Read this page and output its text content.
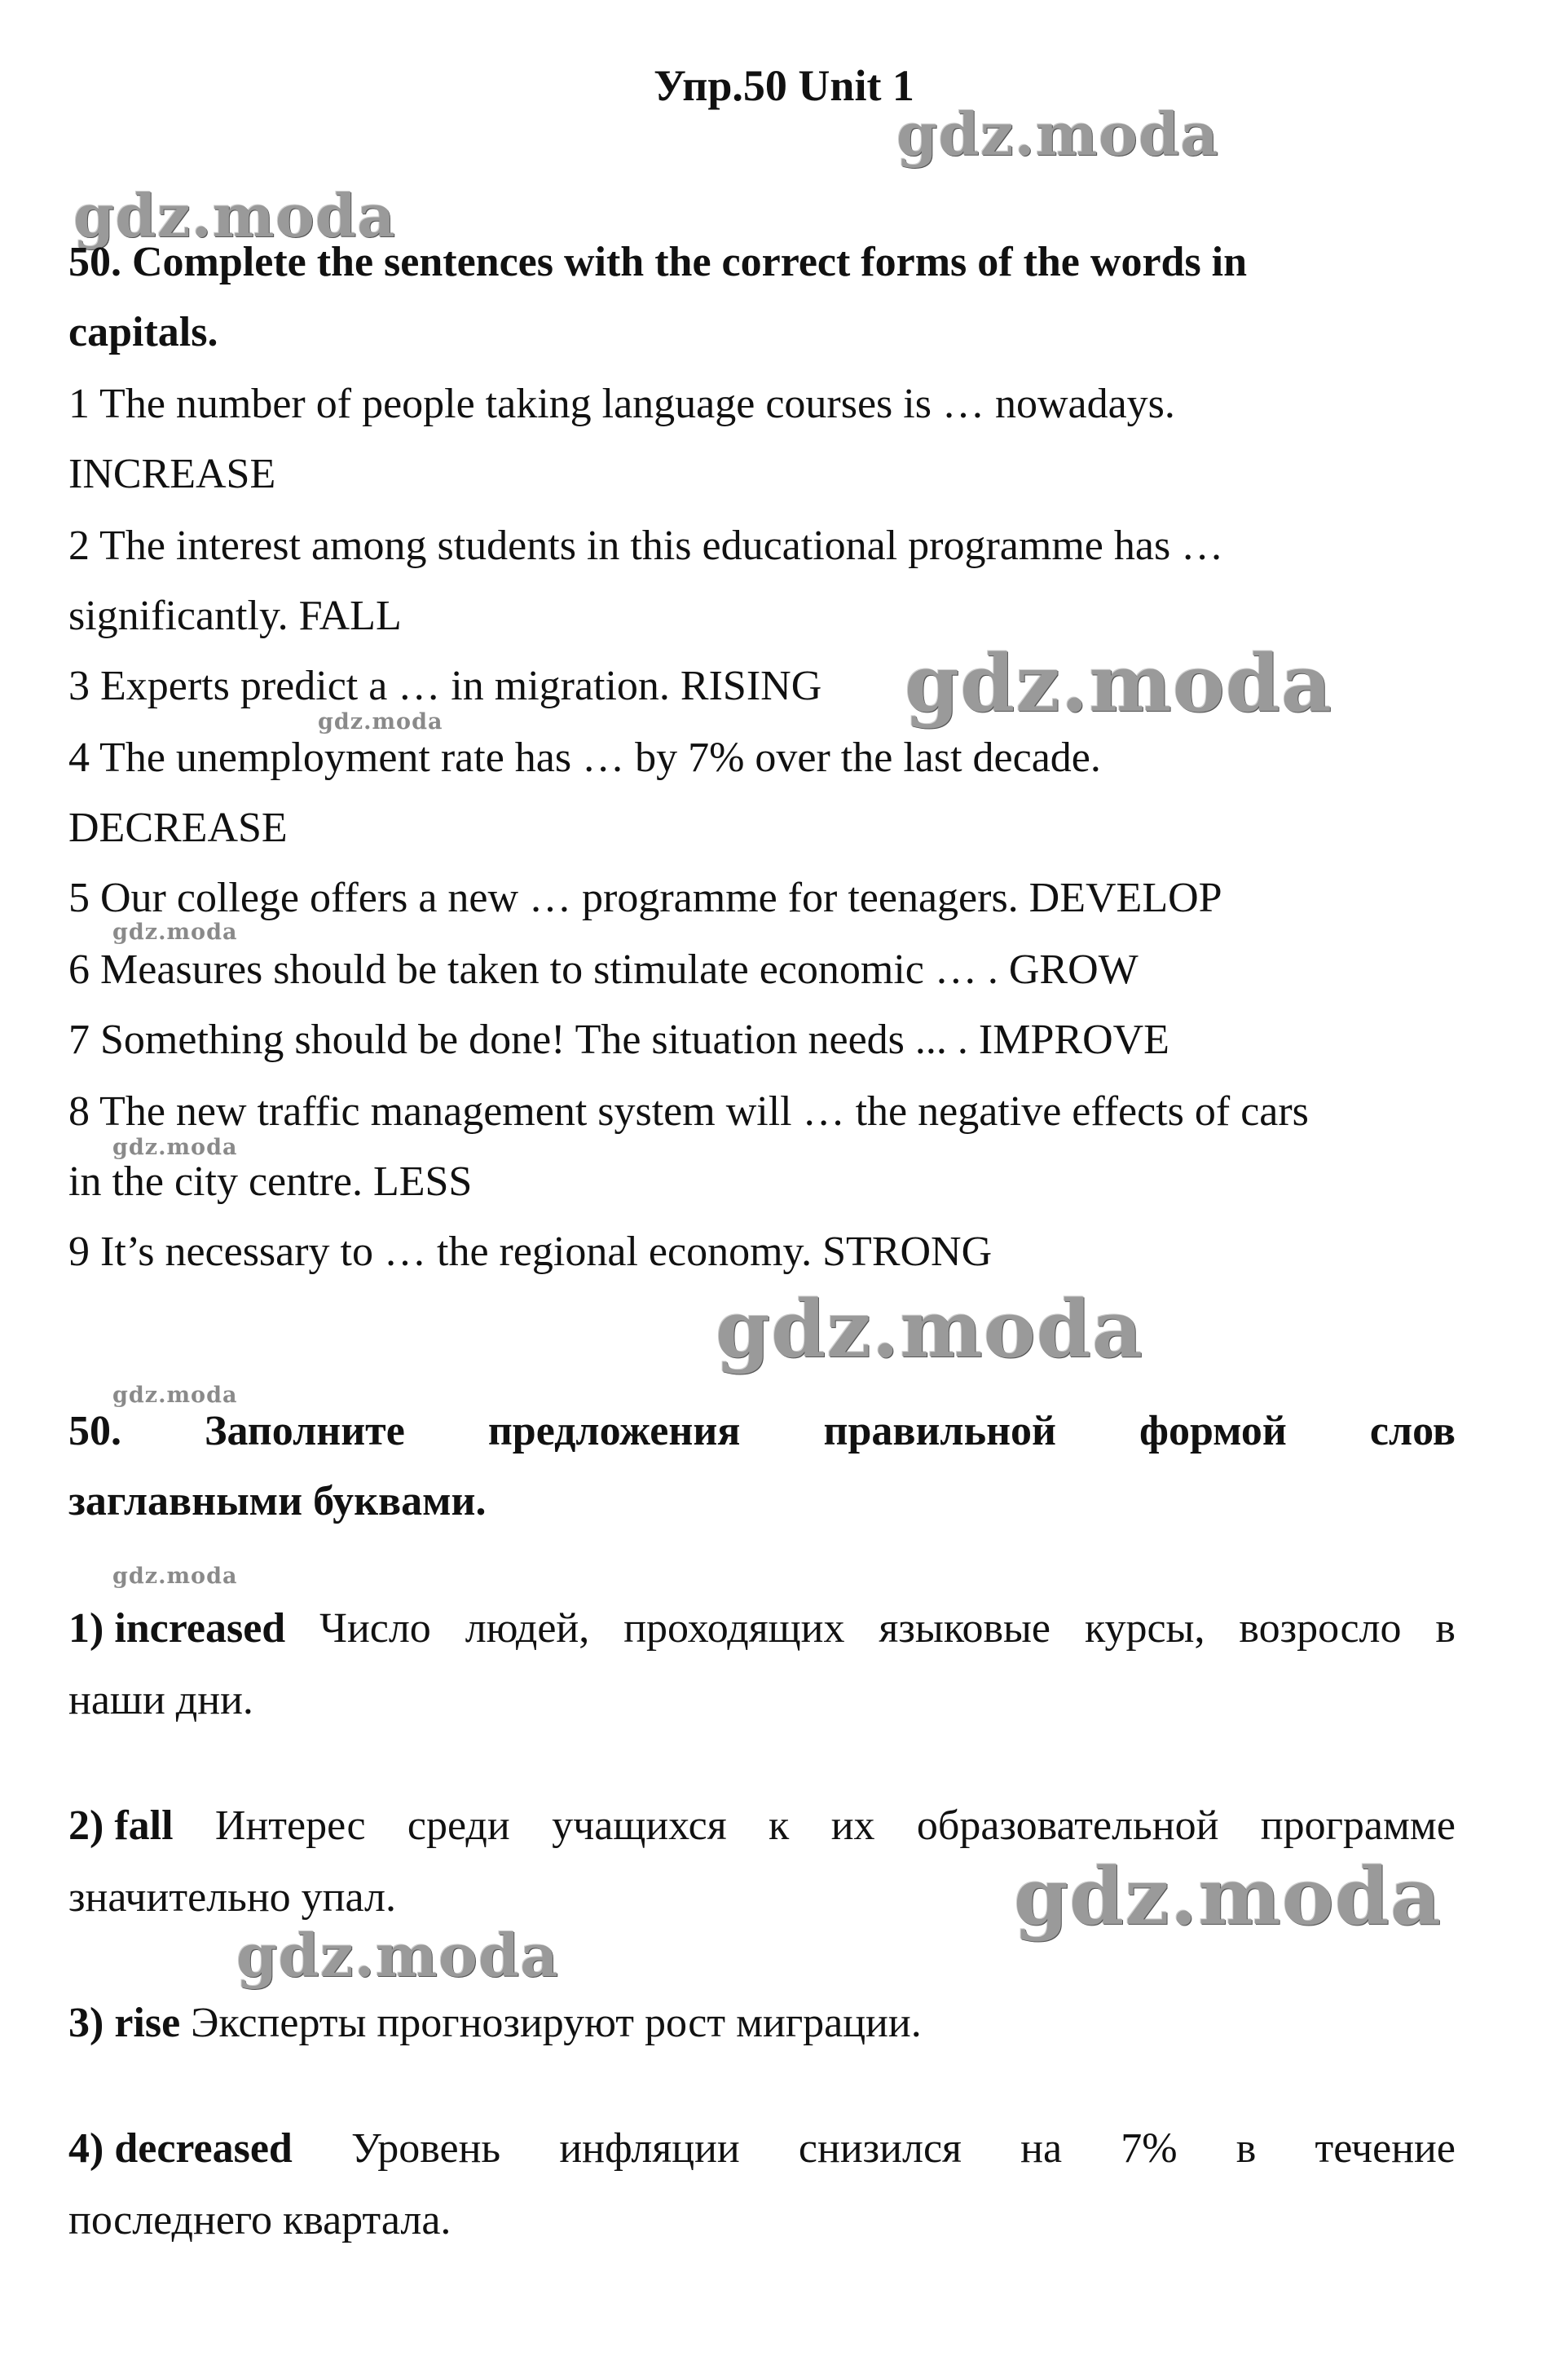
Упр.50 Unit 1
gdz.moda
gdz.moda
gdz.moda
gdz.moda
gdz.moda
gdz.moda
gdz.moda
gdz.moda
gdz.moda
gdz.moda
gdz.moda
50. Complete the sentences with the correct forms of the words in
capitals.
1 The number of people taking language courses is … nowadays.
INCREASE
2 The interest among students in this educational programme has …
significantly. FALL
3 Experts predict a … in migration. RISING
4 The unemployment rate has … by 7% over the last decade.
DECREASE
5 Our college offers a new … programme for teenagers. DEVELOP
6 Measures should be taken to stimulate economic … . GROW
7 Something should be done! The situation needs ... . IMPROVE
8 The new traffic management system will … the negative effects of cars
in the city centre. LESS
9 It’s necessary to … the regional economy. STRONG
50. Заполните предложения правильной формой слов
заглавными буквами.
1) increased Число людей, проходящих языковые курсы, возросло в
наши дни.
2) fall Интерес среди учащихся к их образовательной программе
значительно упал.
3) rise Эксперты прогнозируют рост миграции.
4) decreased Уровень инфляции снизился на 7% в течение
последнего квартала.
